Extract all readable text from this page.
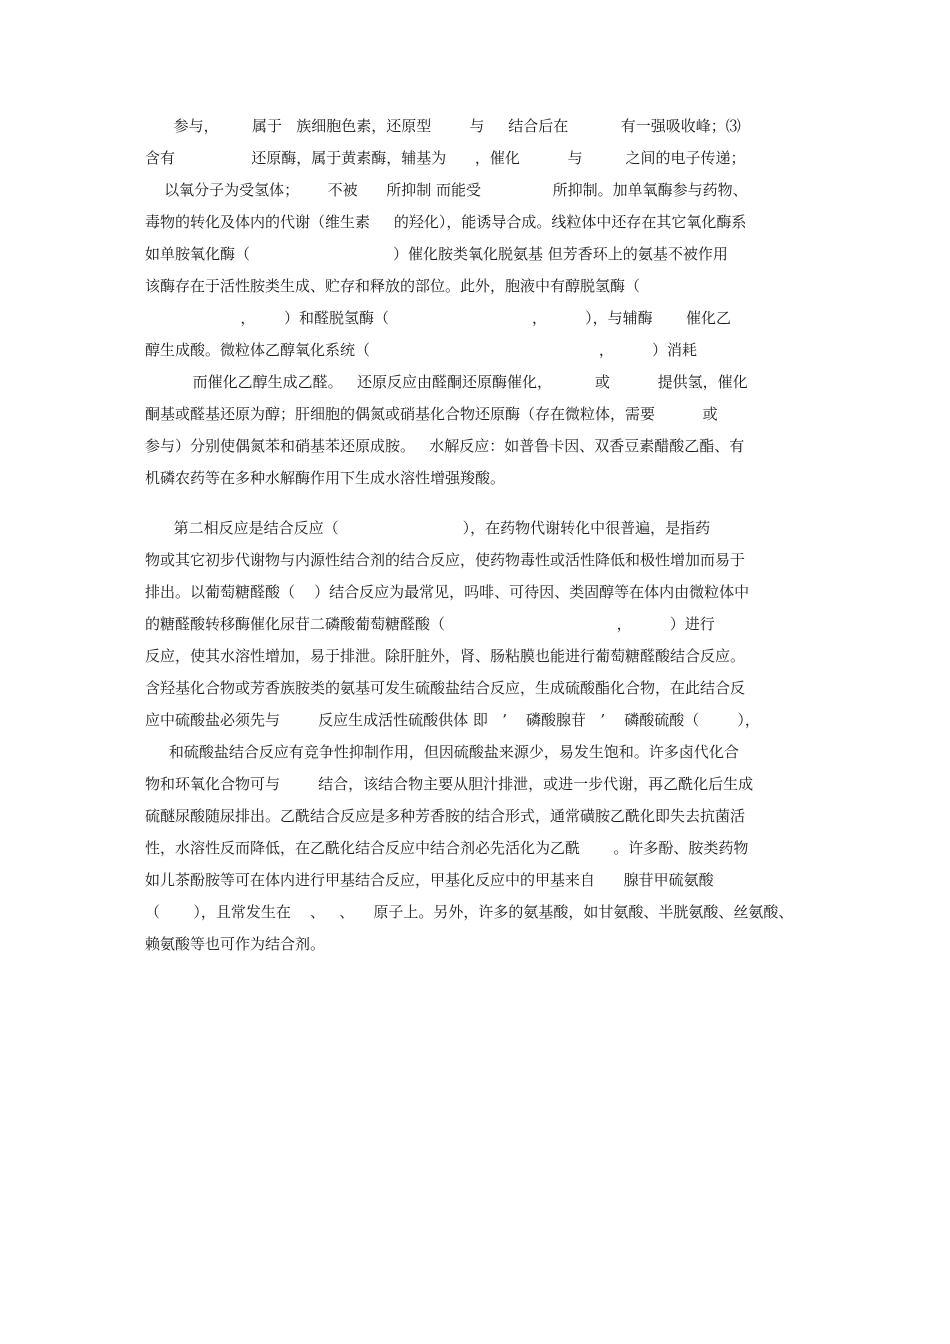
参与，       属于   族细胞色素，还原型        与     结合后在           有一强吸收峰；⑶
含有                还原酶，属于黄素酶，辅基为      ，催化          与         之间的电子传递；
以氧分子为受氢体；      不被      所抑制 而能受               所抑制。加单氧酶参与药物、
毒物的转化及体内的代谢（维生素     的羟化），能诱导合成。线粒体中还存在其它氧化酶系
如单胺氧化酶（                              ）催化胺类氧化脱氨基 但芳香环上的氨基不被作用
该酶存在于活性胺类生成、贮存和释放的部位。此外，胞液中有醇脱氢酶（
，      ）和醛脱氢酶（                              ，        ），与辅酶       催化乙
醇生成酸。微粒体乙醇氧化系统（                                                ，        ）消耗
而催化乙醇生成乙醛。   还原反应由醛酮还原酶催化，         或          提供氢，催化
酮基或醛基还原为醇；肝细胞的偶氮或硝基化合物还原酶（存在微粒体，需要          或
参与）分别使偶氮苯和硝基苯还原成胺。   水解反应：如普鲁卡因、双香豆素醋酸乙酯、有
机磷农药等在多种水解酶作用下生成水溶性增强羧酸。
第二相反应是结合反应（                          ），在药物代谢转化中很普遍，是指药
物或其它初步代谢物与内源性结合剂的结合反应，使药物毒性或活性降低和极性增加而易于
排出。以葡萄糖醛酸（    ）结合反应为最常见，吗啡、可待因、类固醇等在体内由微粒体中
的糖醛酸转移酶催化尿苷二磷酸葡萄糖醛酸（                                    ，        ）进行
反应，使其水溶性增加，易于排泄。除肝脏外，肾、肠粘膜也能进行葡萄糖醛酸结合反应。
含羟基化合物或芳香族胺类的氨基可发生硫酸盐结合反应，生成硫酸酯化合物，在此结合反
应中硫酸盐必须先与        反应生成活性硫酸供体 即   ’    磷酸腺苷   ’    磷酸硫酸（        ），
和硫酸盐结合反应有竞争性抑制作用，但因硫酸盐来源少，易发生饱和。许多卤代化合
物和环氧化合物可与        结合，该结合物主要从胆汁排泄，或进一步代谢，再乙酰化后生成
硫醚尿酸随尿排出。乙酰结合反应是多种芳香胺的结合形式，通常磺胺乙酰化即失去抗菌活
性，水溶性反而降低，在乙酰化结合反应中结合剂必先活化为乙酰       。许多酚、胺类药物
如儿茶酚胺等可在体内进行甲基结合反应，甲基化反应中的甲基来自      腺苷甲硫氨酸
（       ），且常发生在    、   、    原子上。另外，许多的氨基酸，如甘氨酸、半胱氨酸、丝氨酸、
赖氨酸等也可作为结合剂。
